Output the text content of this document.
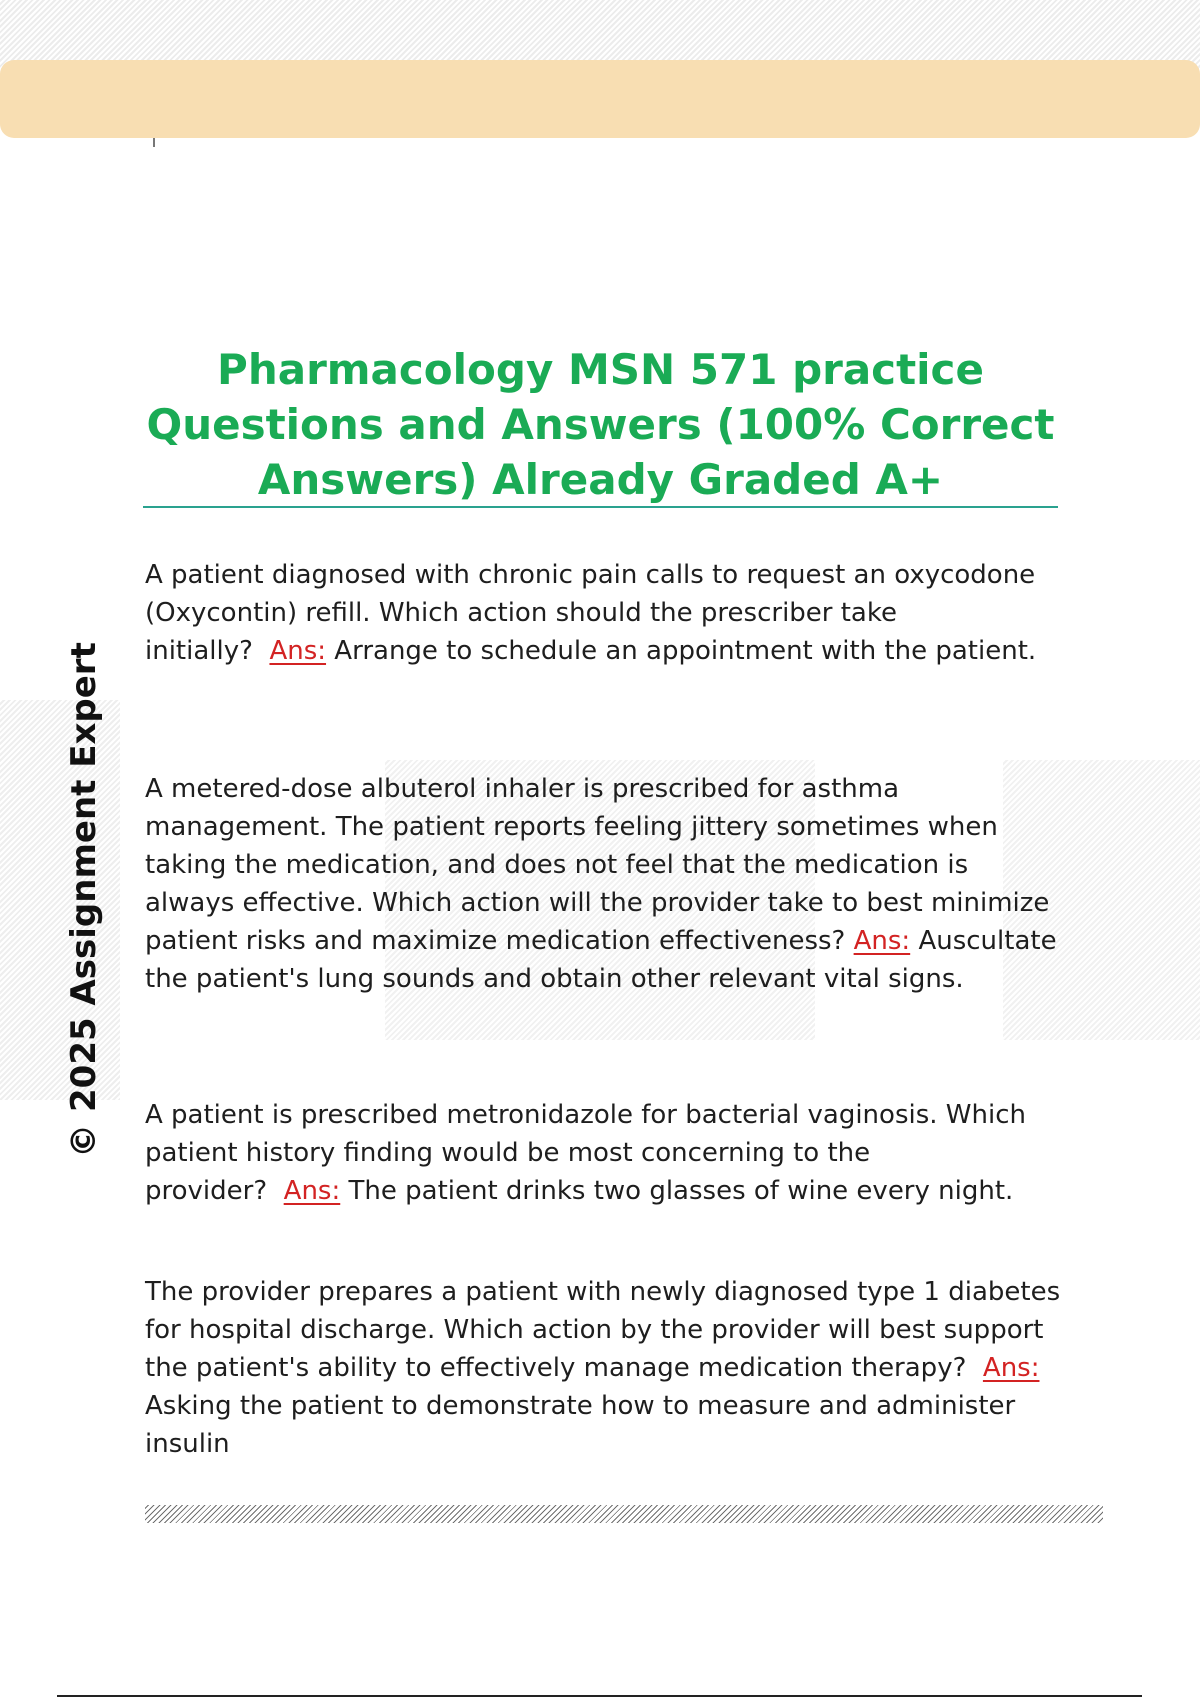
© 2025 Assignment Expert
Pharmacology MSN 571 practice Questions and Answers (100% Correct Answers) Already Graded A+
A patient diagnosed with chronic pain calls to request an oxycodone (Oxycontin) refill. Which action should the prescriber take initially? Ans: Arrange to schedule an appointment with the patient.
A metered-dose albuterol inhaler is prescribed for asthma management. The patient reports feeling jittery sometimes when taking the medication, and does not feel that the medication is always effective. Which action will the provider take to best minimize patient risks and maximize medication effectiveness? Ans: Auscultate the patient's lung sounds and obtain other relevant vital signs.
A patient is prescribed metronidazole for bacterial vaginosis. Which patient history finding would be most concerning to the provider? Ans: The patient drinks two glasses of wine every night.
The provider prepares a patient with newly diagnosed type 1 diabetes for hospital discharge. Which action by the provider will best support the patient's ability to effectively manage medication therapy? Ans: Asking the patient to demonstrate how to measure and administer insulin
